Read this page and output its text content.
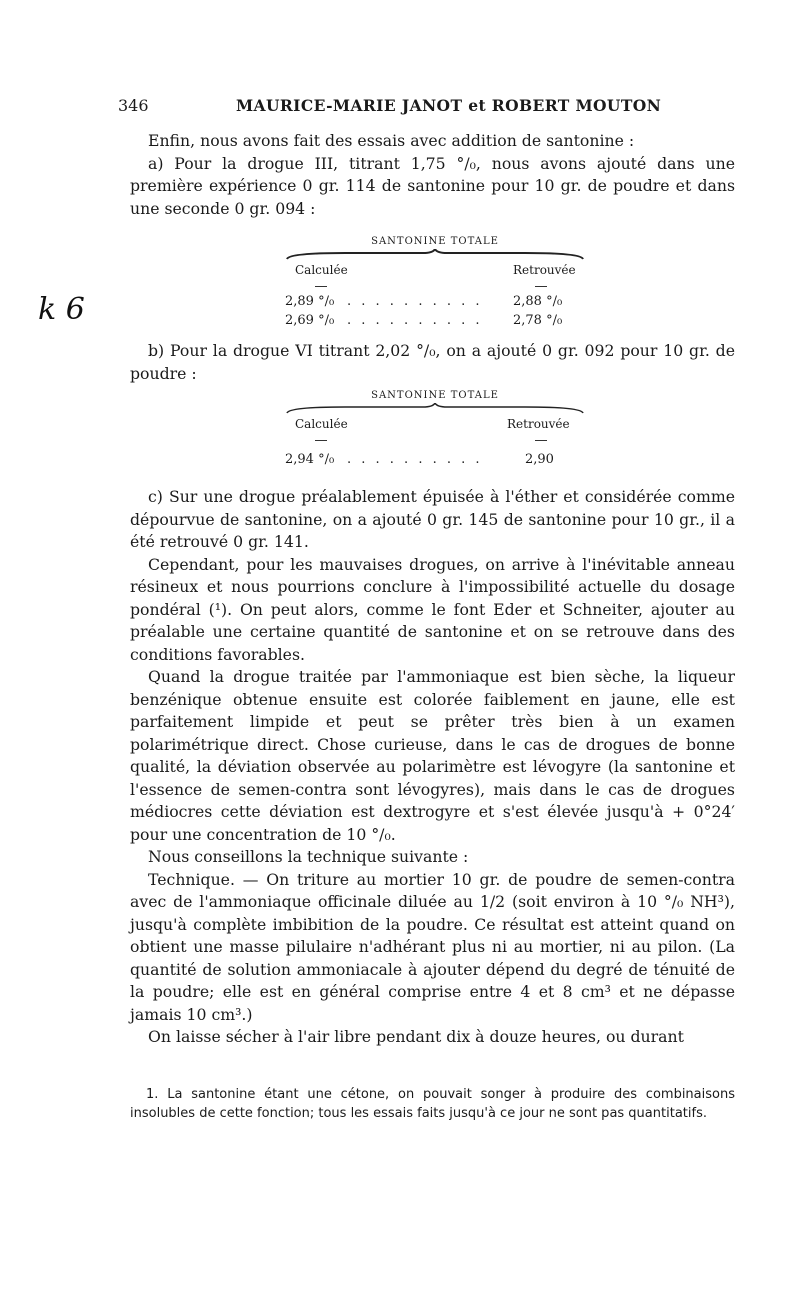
346	MAURICE-MARIE JANOT et ROBERT MOUTON

Enfin, nous avons fait des essais avec addition de santonine :

a) Pour la drogue III, titrant 1,75 °/₀, nous avons ajouté dans une première expérience 0 gr. 114 de santonine pour 10 gr. de poudre et dans une seconde 0 gr. 094 :

SANTONINE TOTALE
Calculée	Retrouvée
2,89 °/₀ . . . . . . . . . . 2,88 °/₀
2,69 °/₀ . . . . . . . . . . 2,78 °/₀
k 6

b) Pour la drogue VI titrant 2,02 °/₀, on a ajouté 0 gr. 092 pour 10 gr. de poudre :

SANTONINE TOTALE
Calculée	Retrouvée
2,94 °/₀ . . . . . . . . . .	2,90

c) Sur une drogue préalablement épuisée à l'éther et considérée comme dépourvue de santonine, on a ajouté 0 gr. 145 de santonine pour 10 gr., il a été retrouvé 0 gr. 141.

Cependant, pour les mauvaises drogues, on arrive à l'inévitable anneau résineux et nous pourrions conclure à l'impossibilité actuelle du dosage pondéral (¹). On peut alors, comme le font Eder et Schneiter, ajouter au préalable une certaine quantité de santonine et on se retrouve dans des conditions favorables.

Quand la drogue traitée par l'ammoniaque est bien sèche, la liqueur benzénique obtenue ensuite est colorée faiblement en jaune, elle est parfaitement limpide et peut se prêter très bien à un examen polarimétrique direct. Chose curieuse, dans le cas de drogues de bonne qualité, la déviation observée au polarimètre est lévogyre (la santonine et l'essence de semen-contra sont lévogyres), mais dans le cas de drogues médiocres cette déviation est dextrogyre et s'est élevée jusqu'à + 0°24′ pour une concentration de 10 °/₀.

Nous conseillons la technique suivante :

Technique. — On triture au mortier 10 gr. de poudre de semen-contra avec de l'ammoniaque officinale diluée au 1/2 (soit environ à 10 °/₀ NH³), jusqu'à complète imbibition de la poudre. Ce résultat est atteint quand on obtient une masse pilulaire n'adhérant plus ni au mortier, ni au pilon. (La quantité de solution ammoniacale à ajouter dépend du degré de ténuité de la poudre; elle est en général comprise entre 4 et 8 cm³ et ne dépasse jamais 10 cm³.)

On laisse sécher à l'air libre pendant dix à douze heures, ou durant

1. La santonine étant une cétone, on pouvait songer à produire des combinaisons insolubles de cette fonction; tous les essais faits jusqu'à ce jour ne sont pas quantitatifs.
